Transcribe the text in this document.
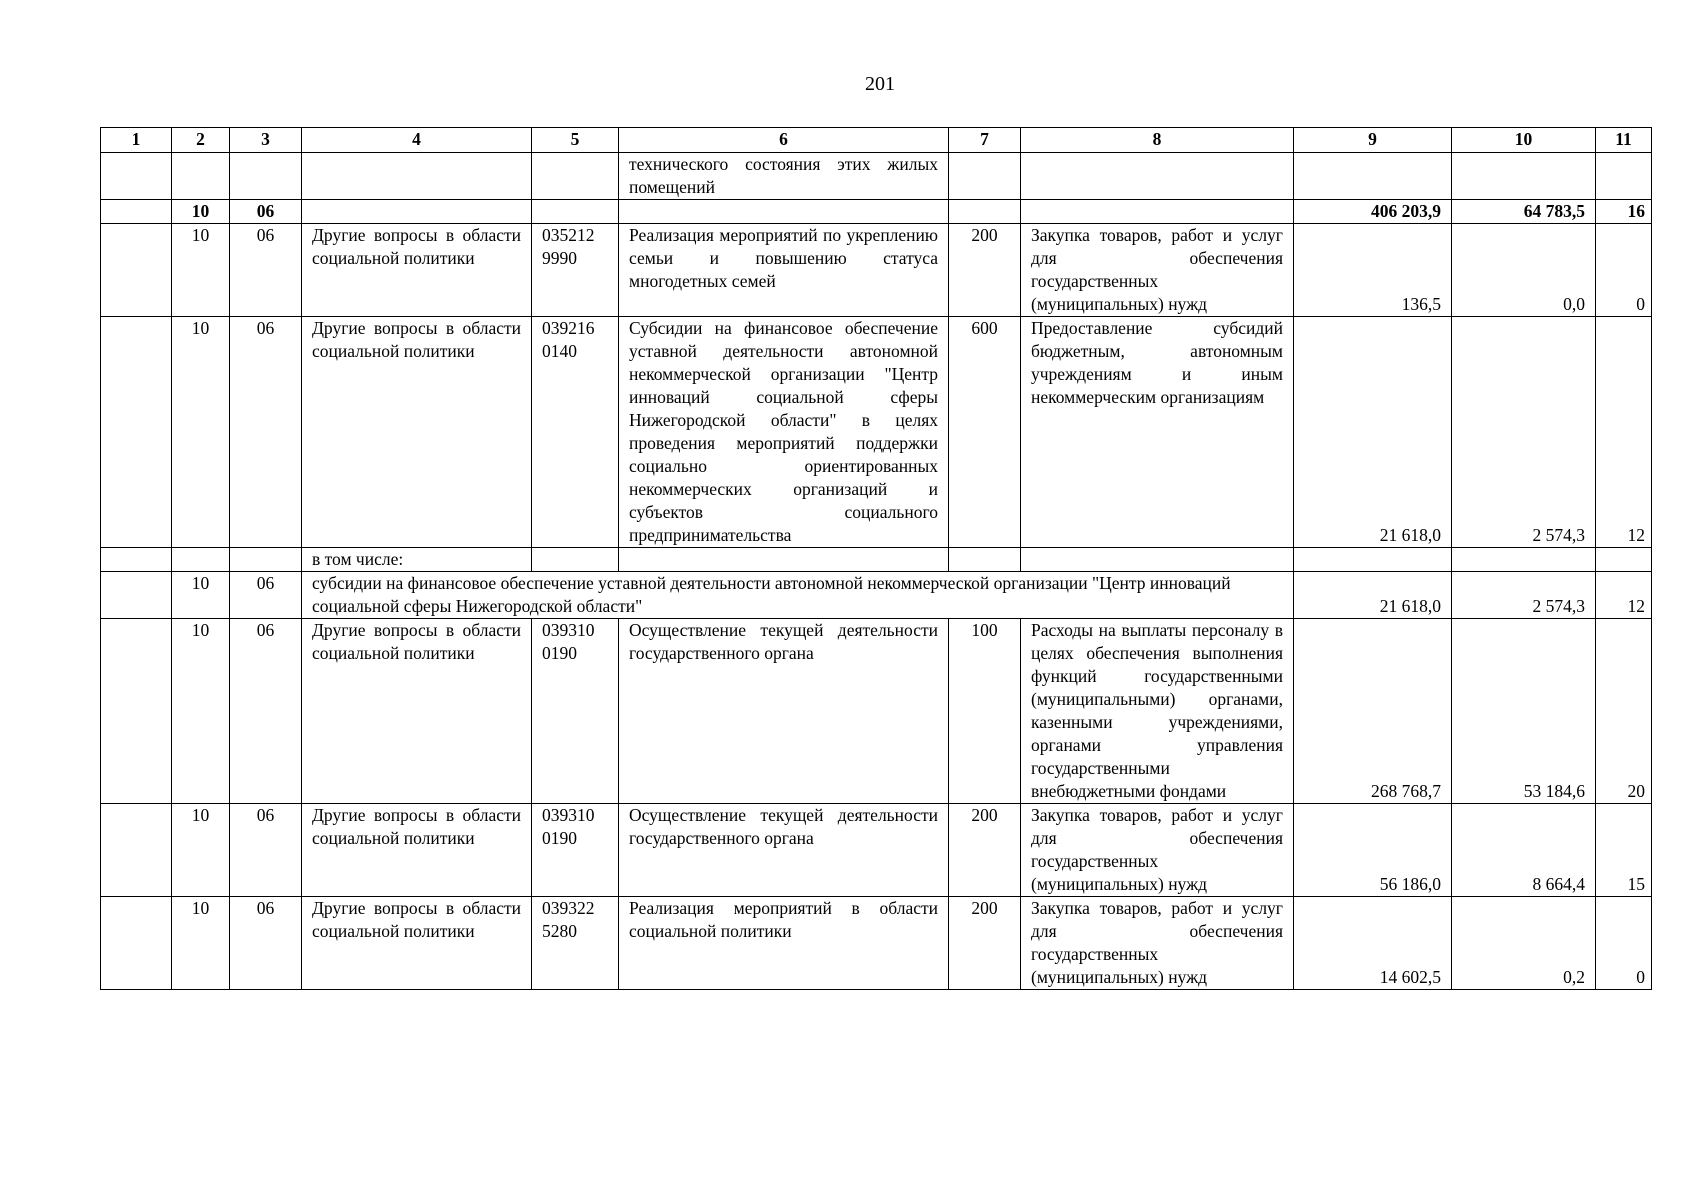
201
1	2	3	4	5	6	7	8	9	10	11
					технического состояния этих жилых помещений					
	10	06						406 203,9	64 783,5	16
	10	06	Другие вопросы в области социальной политики	035212 9990	Реализация мероприятий по укреплению семьи и повышению статуса многодетных семей	200	Закупка товаров, работ и услуг для обеспечения государственных (муниципальных) нужд	136,5	0,0	0
	10	06	Другие вопросы в области социальной политики	039216 0140	Субсидии на финансовое обеспечение уставной деятельности автономной некоммерческой организации "Центр инноваций социальной сферы Нижегородской области" в целях проведения мероприятий поддержки социально ориентированных некоммерческих организаций и субъектов социального предпринимательства	600	Предоставление субсидий бюджетным, автономным учреждениям и иным некоммерческим организациям	21 618,0	2 574,3	12
			в том числе:							
	10	06	субсидии на финансовое обеспечение уставной деятельности автономной некоммерческой организации "Центр инноваций социальной сферы Нижегородской области"					21 618,0	2 574,3	12
	10	06	Другие вопросы в области социальной политики	039310 0190	Осуществление текущей деятельности государственного органа	100	Расходы на выплаты персоналу в целях обеспечения выполнения функций государственными (муниципальными) органами, казенными учреждениями, органами управления государственными внебюджетными фондами	268 768,7	53 184,6	20
	10	06	Другие вопросы в области социальной политики	039310 0190	Осуществление текущей деятельности государственного органа	200	Закупка товаров, работ и услуг для обеспечения государственных (муниципальных) нужд	56 186,0	8 664,4	15
	10	06	Другие вопросы в области социальной политики	039322 5280	Реализация мероприятий в области социальной политики	200	Закупка товаров, работ и услуг для обеспечения государственных (муниципальных) нужд	14 602,5	0,2	0
